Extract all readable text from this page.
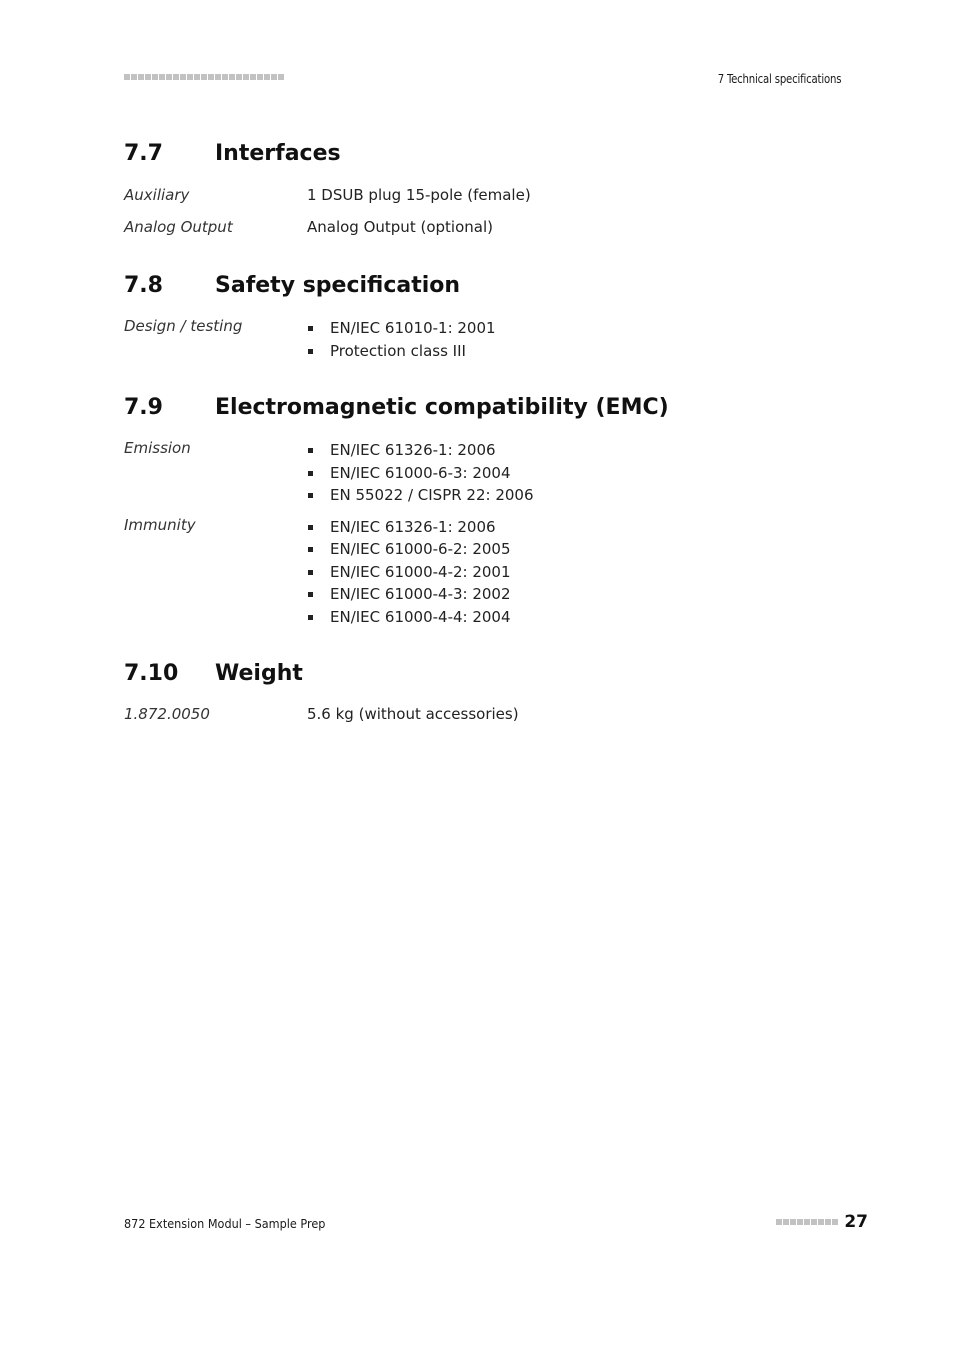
7 Technical specifications
7.7	Interfaces
Auxiliary	1 DSUB plug 15-pole (female)
Analog Output	Analog Output (optional)
7.8	Safety specification
Design / testing	EN/IEC 61010-1: 2001
Protection class III
7.9	Electromagnetic compatibility (EMC)
Emission	EN/IEC 61326-1: 2006
EN/IEC 61000-6-3: 2004
EN 55022 / CISPR 22: 2006
Immunity	EN/IEC 61326-1: 2006
EN/IEC 61000-6-2: 2005
EN/IEC 61000-4-2: 2001
EN/IEC 61000-4-3: 2002
EN/IEC 61000-4-4: 2004
7.10	Weight
1.872.0050	5.6 kg (without accessories)
872 Extension Modul – Sample Prep	27
